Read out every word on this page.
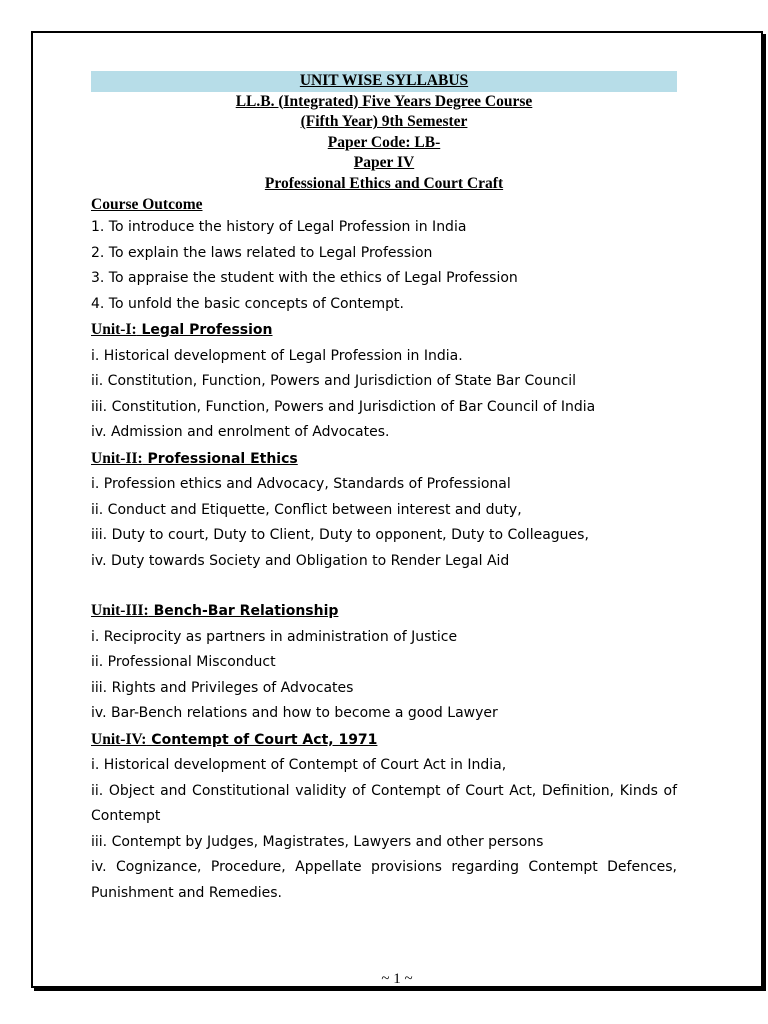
UNIT WISE SYLLABUS

LL.B. (Integrated) Five Years Degree Course

(Fifth Year) 9th Semester

Paper Code: LB-

Paper IV

Professional Ethics and Court Craft

Course Outcome

1. To introduce the history of Legal Profession in India

2. To explain the laws related to Legal Profession

3. To appraise the student with the ethics of Legal Profession

4. To unfold the basic concepts of Contempt.

Unit-I: Legal Profession

i. Historical development of Legal Profession in India.

ii. Constitution, Function, Powers and Jurisdiction of State Bar Council

iii. Constitution, Function, Powers and Jurisdiction of Bar Council of India

iv. Admission and enrolment of Advocates.

Unit-II: Professional Ethics

i. Profession ethics and Advocacy, Standards of Professional

ii. Conduct and Etiquette, Conflict between interest and duty,

iii. Duty to court, Duty to Client, Duty to opponent, Duty to Colleagues,

iv. Duty towards Society and Obligation to Render Legal Aid

Unit-III: Bench-Bar Relationship

i. Reciprocity as partners in administration of Justice

ii. Professional Misconduct

iii. Rights and Privileges of Advocates

iv. Bar-Bench relations and how to become a good Lawyer

Unit-IV: Contempt of Court Act, 1971

i. Historical development of Contempt of Court Act in India,

ii. Object and Constitutional validity of Contempt of Court Act, Definition, Kinds of Contempt

iii. Contempt by Judges, Magistrates, Lawyers and other persons

iv. Cognizance, Procedure, Appellate provisions regarding Contempt Defences, Punishment and Remedies.

~ 1 ~
